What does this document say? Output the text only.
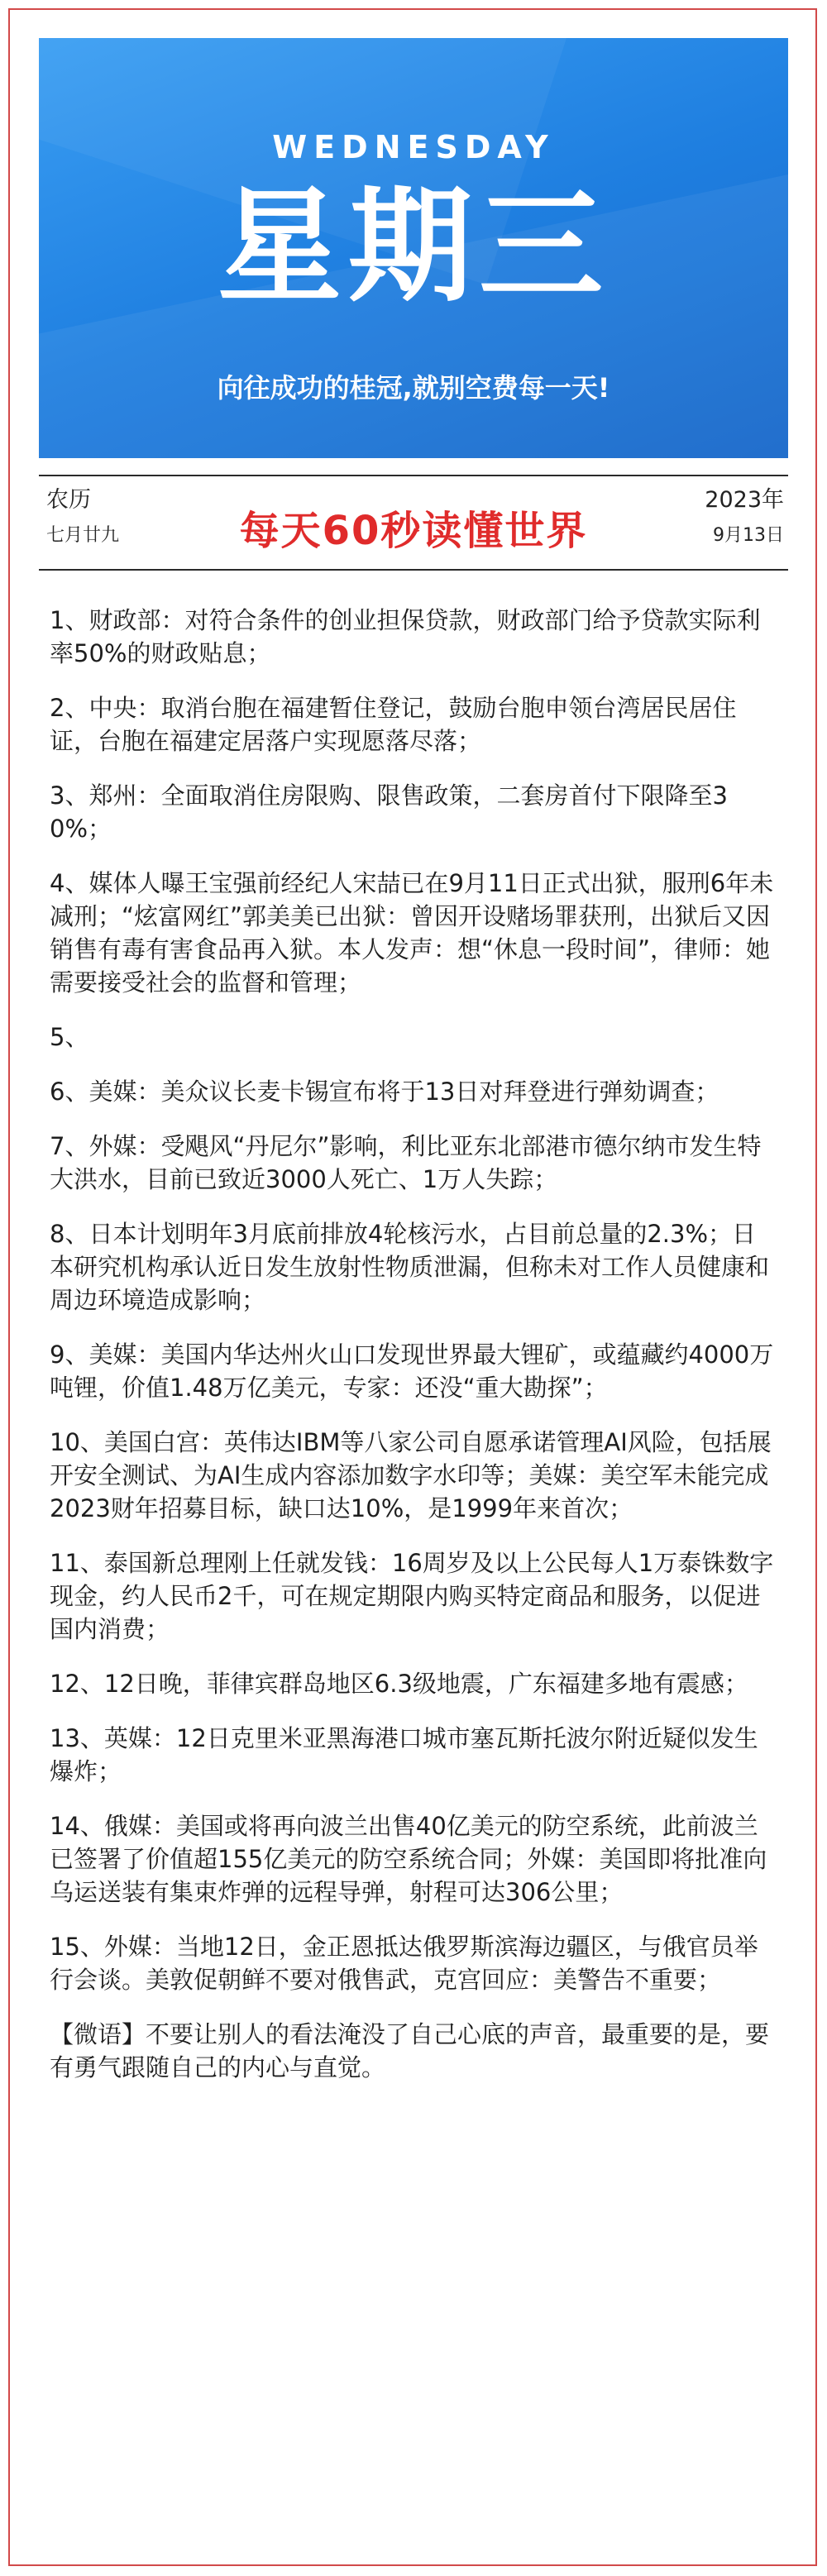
WEDNESDAY
星期三
向往成功的桂冠,就别空费每一天!
农历
七月廿九	每天60秒读懂世界
2023年
9月13日

1、财政部：对符合条件的创业担保贷款，财政部门给予贷款实际利率50%的财政贴息；

2、中央：取消台胞在福建暂住登记，鼓励台胞申领台湾居民居住证，台胞在福建定居落户实现愿落尽落；

3、郑州：全面取消住房限购、限售政策，二套房首付下限降至30%；

4、媒体人曝王宝强前经纪人宋喆已在9月11日正式出狱，服刑6年未减刑；“炫富网红”郭美美已出狱：曾因开设赌场罪获刑，出狱后又因销售有毒有害食品再入狱。本人发声：想“休息一段时间”，律师：她需要接受社会的监督和管理；

5、

6、美媒：美众议长麦卡锡宣布将于13日对拜登进行弹劾调查；

7、外媒：受飓风“丹尼尔”影响，利比亚东北部港市德尔纳市发生特大洪水，目前已致近3000人死亡、1万人失踪；

8、日本计划明年3月底前排放4轮核污水，占目前总量的2.3%；日本研究机构承认近日发生放射性物质泄漏，但称未对工作人员健康和周边环境造成影响；

9、美媒：美国内华达州火山口发现世界最大锂矿，或蕴藏约4000万吨锂，价值1.48万亿美元，专家：还没“重大勘探”；

10、美国白宫：英伟达IBM等八家公司自愿承诺管理AI风险，包括展开安全测试、为AI生成内容添加数字水印等；美媒：美空军未能完成2023财年招募目标，缺口达10%，是1999年来首次；

11、泰国新总理刚上任就发钱：16周岁及以上公民每人1万泰铢数字现金，约人民币2千，可在规定期限内购买特定商品和服务，以促进国内消费；

12、12日晚，菲律宾群岛地区6.3级地震，广东福建多地有震感；

13、英媒：12日克里米亚黑海港口城市塞瓦斯托波尔附近疑似发生爆炸；

14、俄媒：美国或将再向波兰出售40亿美元的防空系统，此前波兰已签署了价值超155亿美元的防空系统合同；外媒：美国即将批准向乌运送装有集束炸弹的远程导弹，射程可达306公里；

15、外媒：当地12日，金正恩抵达俄罗斯滨海边疆区，与俄官员举行会谈。美敦促朝鲜不要对俄售武，克宫回应：美警告不重要；

【微语】不要让别人的看法淹没了自己心底的声音，最重要的是，要有勇气跟随自己的内心与直觉。
